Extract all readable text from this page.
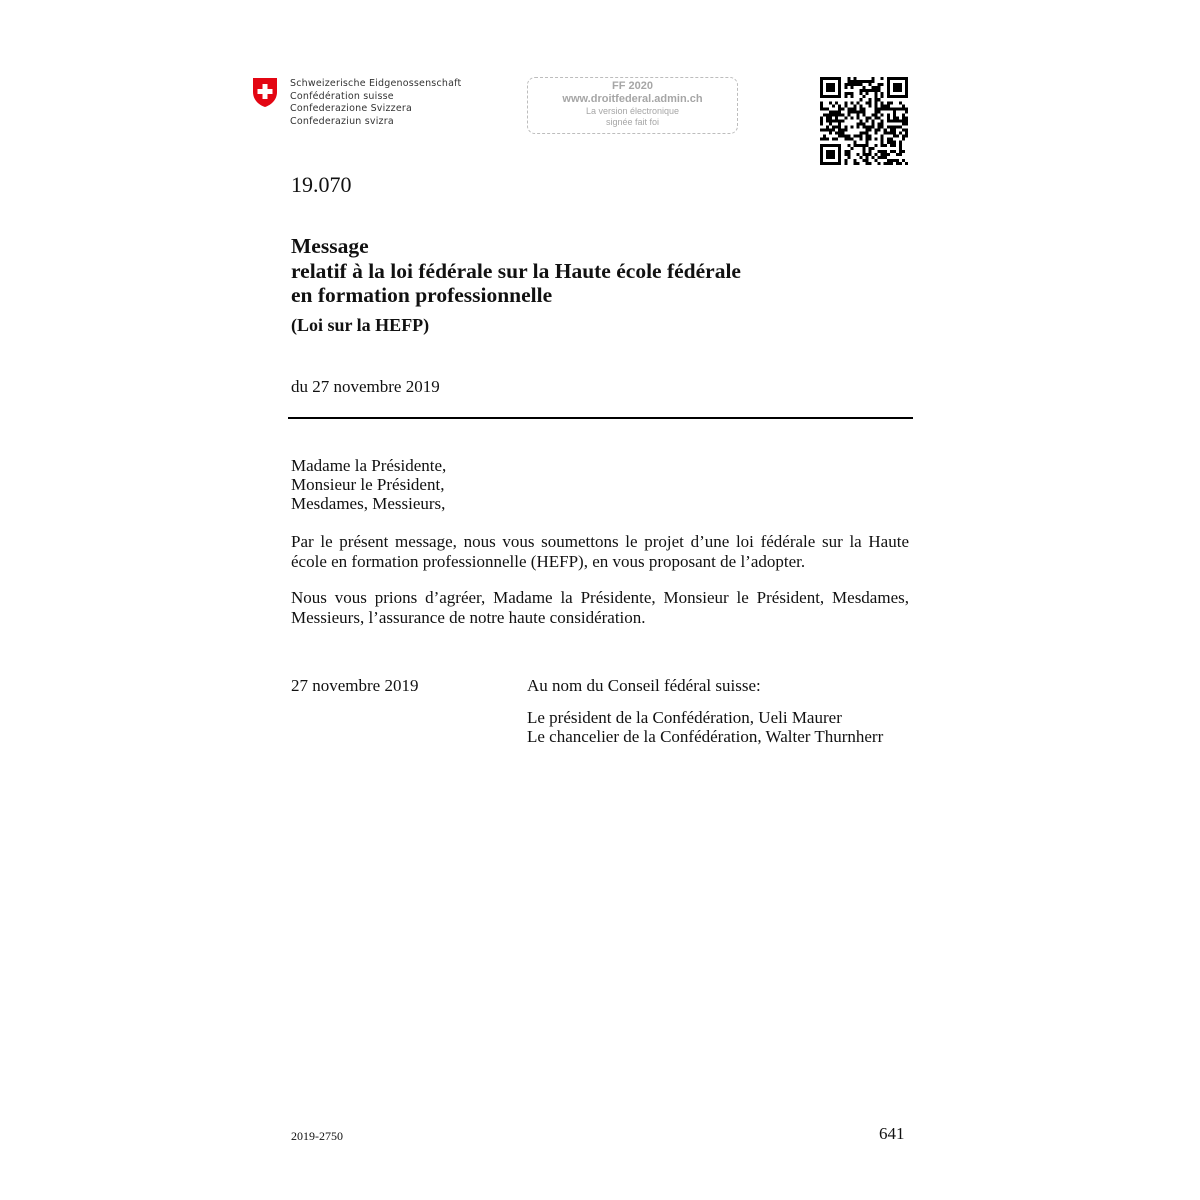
Schweizerische Eidgenossenschaft
Confédération suisse
Confederazione Svizzera
Confederaziun svizra
FF 2020
www.droitfederal.admin.ch
La version électronique
signée fait foi
19.070
Message
relatif à la loi fédérale sur la Haute école fédérale
en formation professionnelle
(Loi sur la HEFP)
du 27 novembre 2019
Madame la Présidente,
Monsieur le Président,
Mesdames, Messieurs,
Par le présent message, nous vous soumettons le projet d’une loi fédérale sur la Haute école en formation professionnelle (HEFP), en vous proposant de l’adopter.
Nous vous prions d’agréer, Madame la Présidente, Monsieur le Président, Mesdames, Messieurs, l’assurance de notre haute considération.
27 novembre 2019	Au nom du Conseil fédéral suisse:
Le président de la Confédération, Ueli Maurer
Le chancelier de la Confédération, Walter Thurnherr
2019-2750	641
